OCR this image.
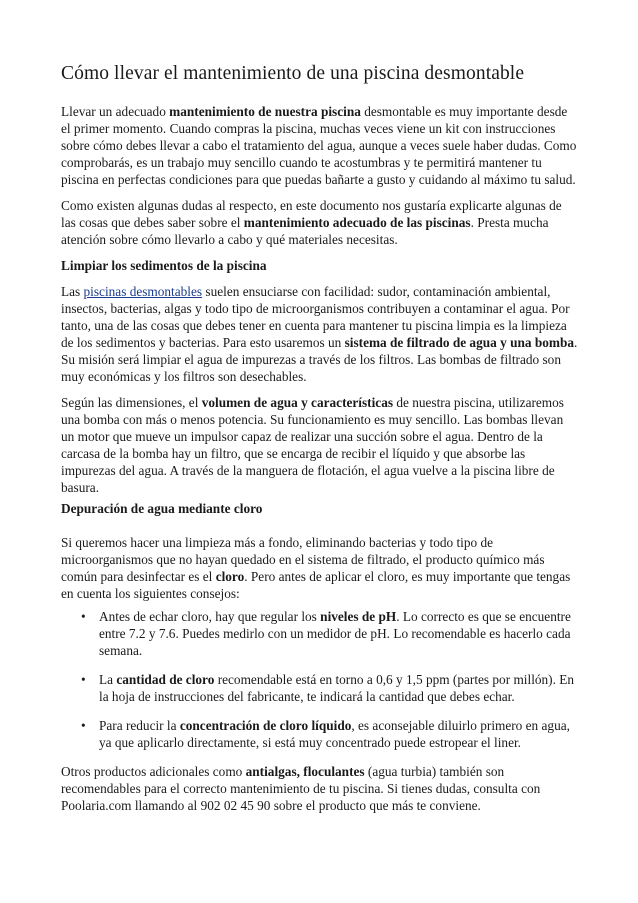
Cómo llevar el mantenimiento de una piscina desmontable

Llevar un adecuado mantenimiento de nuestra piscina desmontable es muy importante desde el primer momento. Cuando compras la piscina, muchas veces viene un kit con instrucciones sobre cómo debes llevar a cabo el tratamiento del agua, aunque a veces suele haber dudas. Como comprobarás, es un trabajo muy sencillo cuando te acostumbras y te permitirá mantener tu piscina en perfectas condiciones para que puedas bañarte a gusto y cuidando al máximo tu salud.

Como existen algunas dudas al respecto, en este documento nos gustaría explicarte algunas de las cosas que debes saber sobre el mantenimiento adecuado de las piscinas. Presta mucha atención sobre cómo llevarlo a cabo y qué materiales necesitas.

Limpiar los sedimentos de la piscina

Las piscinas desmontables suelen ensuciarse con facilidad: sudor, contaminación ambiental, insectos, bacterias, algas y todo tipo de microorganismos contribuyen a contaminar el agua. Por tanto, una de las cosas que debes tener en cuenta para mantener tu piscina limpia es la limpieza de los sedimentos y bacterias. Para esto usaremos un sistema de filtrado de agua y una bomba. Su misión será limpiar el agua de impurezas a través de los filtros. Las bombas de filtrado son muy económicas y los filtros son desechables.

Según las dimensiones, el volumen de agua y características de nuestra piscina, utilizaremos una bomba con más o menos potencia. Su funcionamiento es muy sencillo. Las bombas llevan un motor que mueve un impulsor capaz de realizar una succión sobre el agua. Dentro de la carcasa de la bomba hay un filtro, que se encarga de recibir el líquido y que absorbe las impurezas del agua. A través de la manguera de flotación, el agua vuelve a la piscina libre de basura.

Depuración de agua mediante cloro

Si queremos hacer una limpieza más a fondo, eliminando bacterias y todo tipo de microorganismos que no hayan quedado en el sistema de filtrado, el producto químico más común para desinfectar es el cloro. Pero antes de aplicar el cloro, es muy importante que tengas en cuenta los siguientes consejos:

• Antes de echar cloro, hay que regular los niveles de pH. Lo correcto es que se encuentre entre 7.2 y 7.6. Puedes medirlo con un medidor de pH. Lo recomendable es hacerlo cada semana.
• La cantidad de cloro recomendable está en torno a 0,6 y 1,5 ppm (partes por millón). En la hoja de instrucciones del fabricante, te indicará la cantidad que debes echar.
• Para reducir la concentración de cloro líquido, es aconsejable diluirlo primero en agua, ya que aplicarlo directamente, si está muy concentrado puede estropear el liner.

Otros productos adicionales como antialgas, floculantes (agua turbia) también son recomendables para el correcto mantenimiento de tu piscina. Si tienes dudas, consulta con Poolaria.com llamando al 902 02 45 90 sobre el producto que más te conviene.
